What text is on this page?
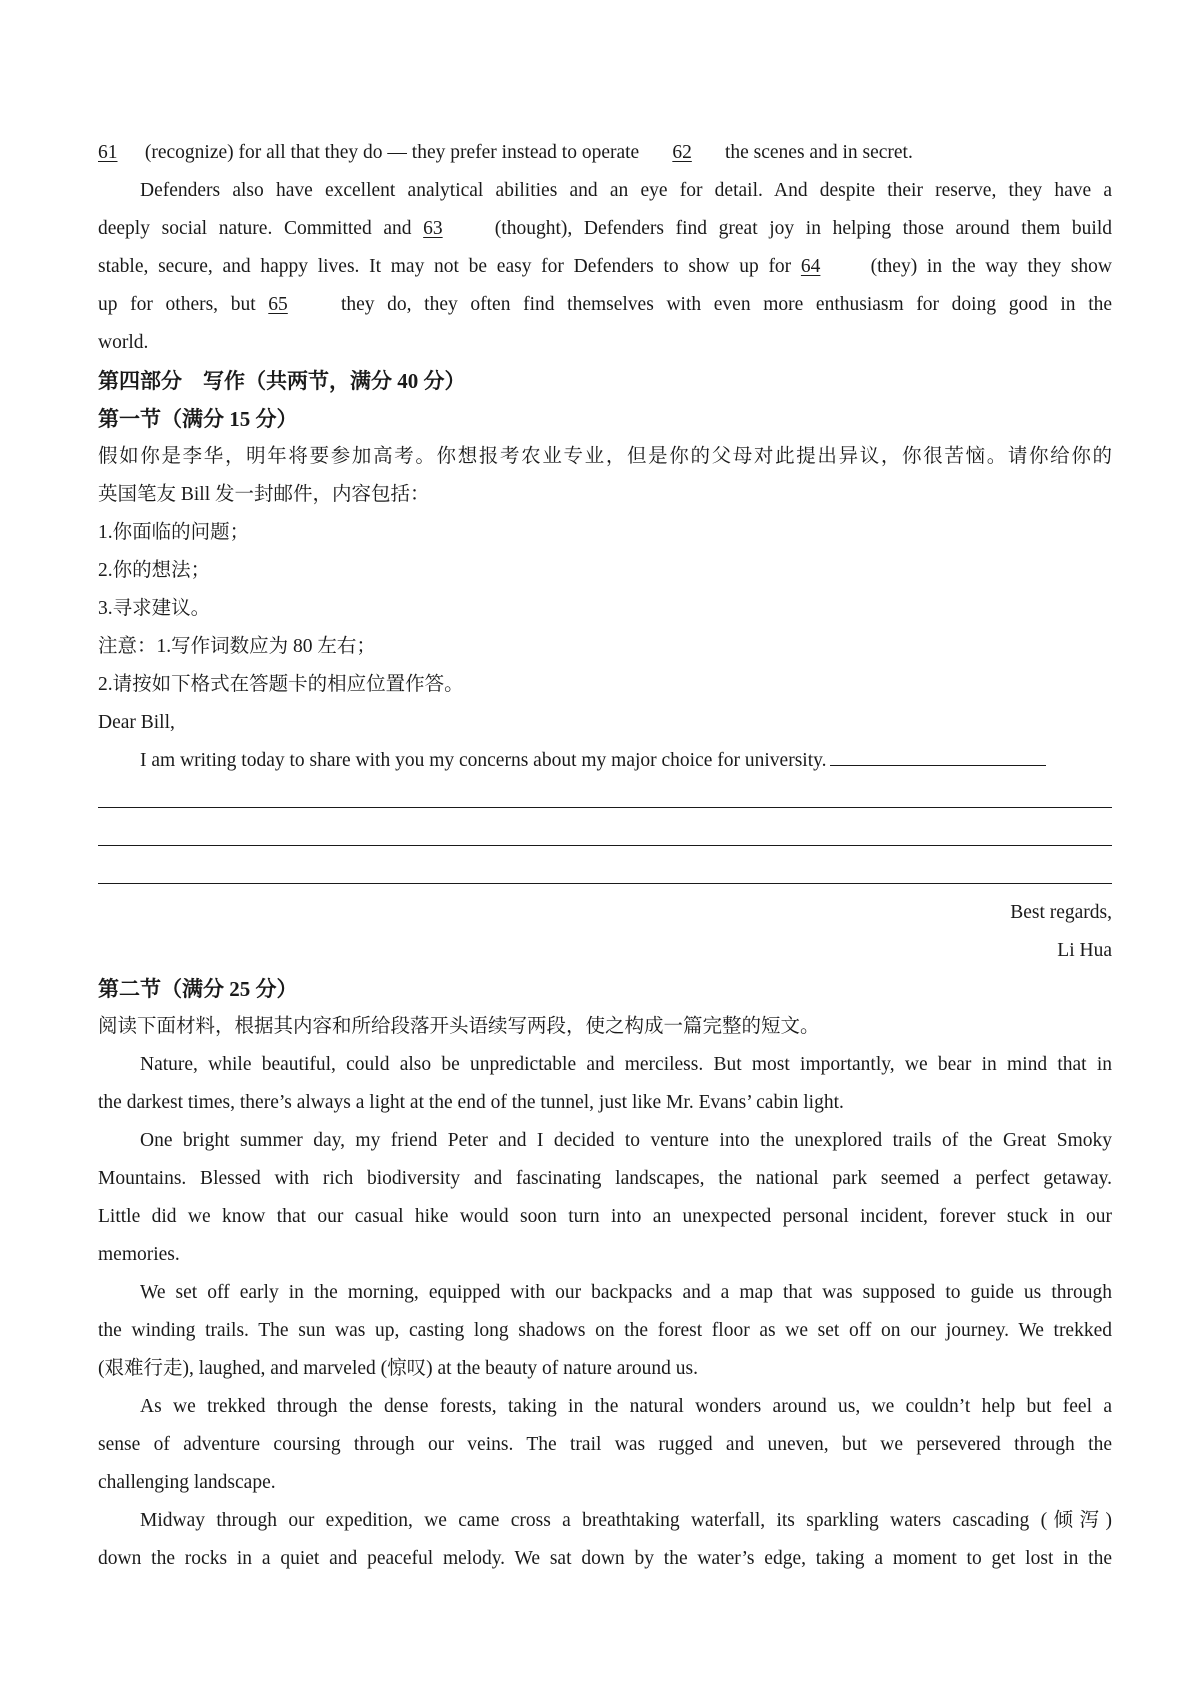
61 (recognize) for all that they do — they prefer instead to operate 62 the scenes and in secret.
Defenders also have excellent analytical abilities and an eye for detail. And despite their reserve, they have a
deeply social nature. Committed and 63	(thought), Defenders find great joy in helping those around them build
stable, secure, and happy lives. It may not be easy for Defenders to show up for 64	(they) in the way they show
up for others, but 65	they do, they often find themselves with even more enthusiasm for doing good in the
world.
第四部分　写作（共两节，满分 40 分）
第一节（满分 15 分）
假如你是李华，明年将要参加高考。你想报考农业专业，但是你的父母对此提出异议，你很苦恼。请你给你的
英国笔友 Bill 发一封邮件，内容包括：
1.你面临的问题；
2.你的想法；
3.寻求建议。
注意：1.写作词数应为 80 左右；
2.请按如下格式在答题卡的相应位置作答。
Dear Bill,
I am writing today to share with you my concerns about my major choice for university.
Best regards,
Li Hua
第二节（满分 25 分）
阅读下面材料，根据其内容和所给段落开头语续写两段，使之构成一篇完整的短文。
Nature, while beautiful, could also be unpredictable and merciless. But most importantly, we bear in mind that in
the darkest times, there’s always a light at the end of the tunnel, just like Mr. Evans’ cabin light.
One bright summer day, my friend Peter and I decided to venture into the unexplored trails of the Great Smoky
Mountains. Blessed with rich biodiversity and fascinating landscapes, the national park seemed a perfect getaway.
Little did we know that our casual hike would soon turn into an unexpected personal incident, forever stuck in our
memories.
We set off early in the morning, equipped with our backpacks and a map that was supposed to guide us through
the winding trails. The sun was up, casting long shadows on the forest floor as we set off on our journey. We trekked
(艰难行走), laughed, and marveled (惊叹) at the beauty of nature around us.
As we trekked through the dense forests, taking in the natural wonders around us, we couldn’t help but feel a
sense of adventure coursing through our veins. The trail was rugged and uneven, but we persevered through the
challenging landscape.
Midway through our expedition, we came cross a breathtaking waterfall, its sparkling waters cascading (倾泻)
down the rocks in a quiet and peaceful melody. We sat down by the water’s edge, taking a moment to get lost in the
